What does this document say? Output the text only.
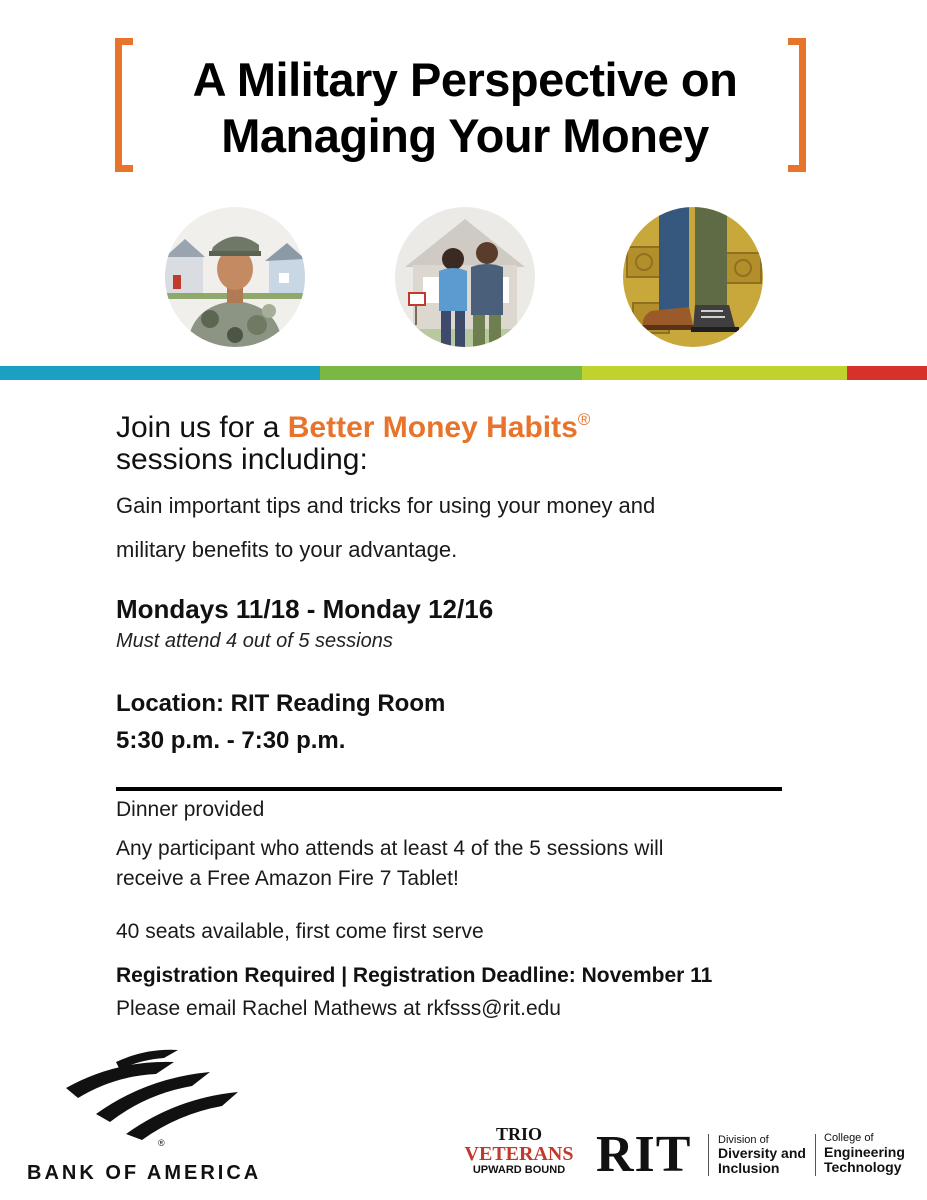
A Military Perspective on
Managing Your Money
Join us for a Better Money Habits®
sessions including:
Gain important tips and tricks for using your money and
military benefits to your advantage.
Mondays 11/18 - Monday 12/16
Must attend 4 out of 5 sessions
Location: RIT Reading Room
5:30 p.m. - 7:30 p.m.
Dinner provided
Any participant who attends at least 4 of the 5 sessions will
receive a Free Amazon Fire 7 Tablet!
40 seats available, first come first serve
Registration Required | Registration Deadline: November 11
Please email Rachel Mathews at rkfsss@rit.edu
®
BANK OF AMERICA
TRIO
VETERANS
UPWARD BOUND RIT Division of
Diversity and
Inclusion
College of
Engineering
Technology
